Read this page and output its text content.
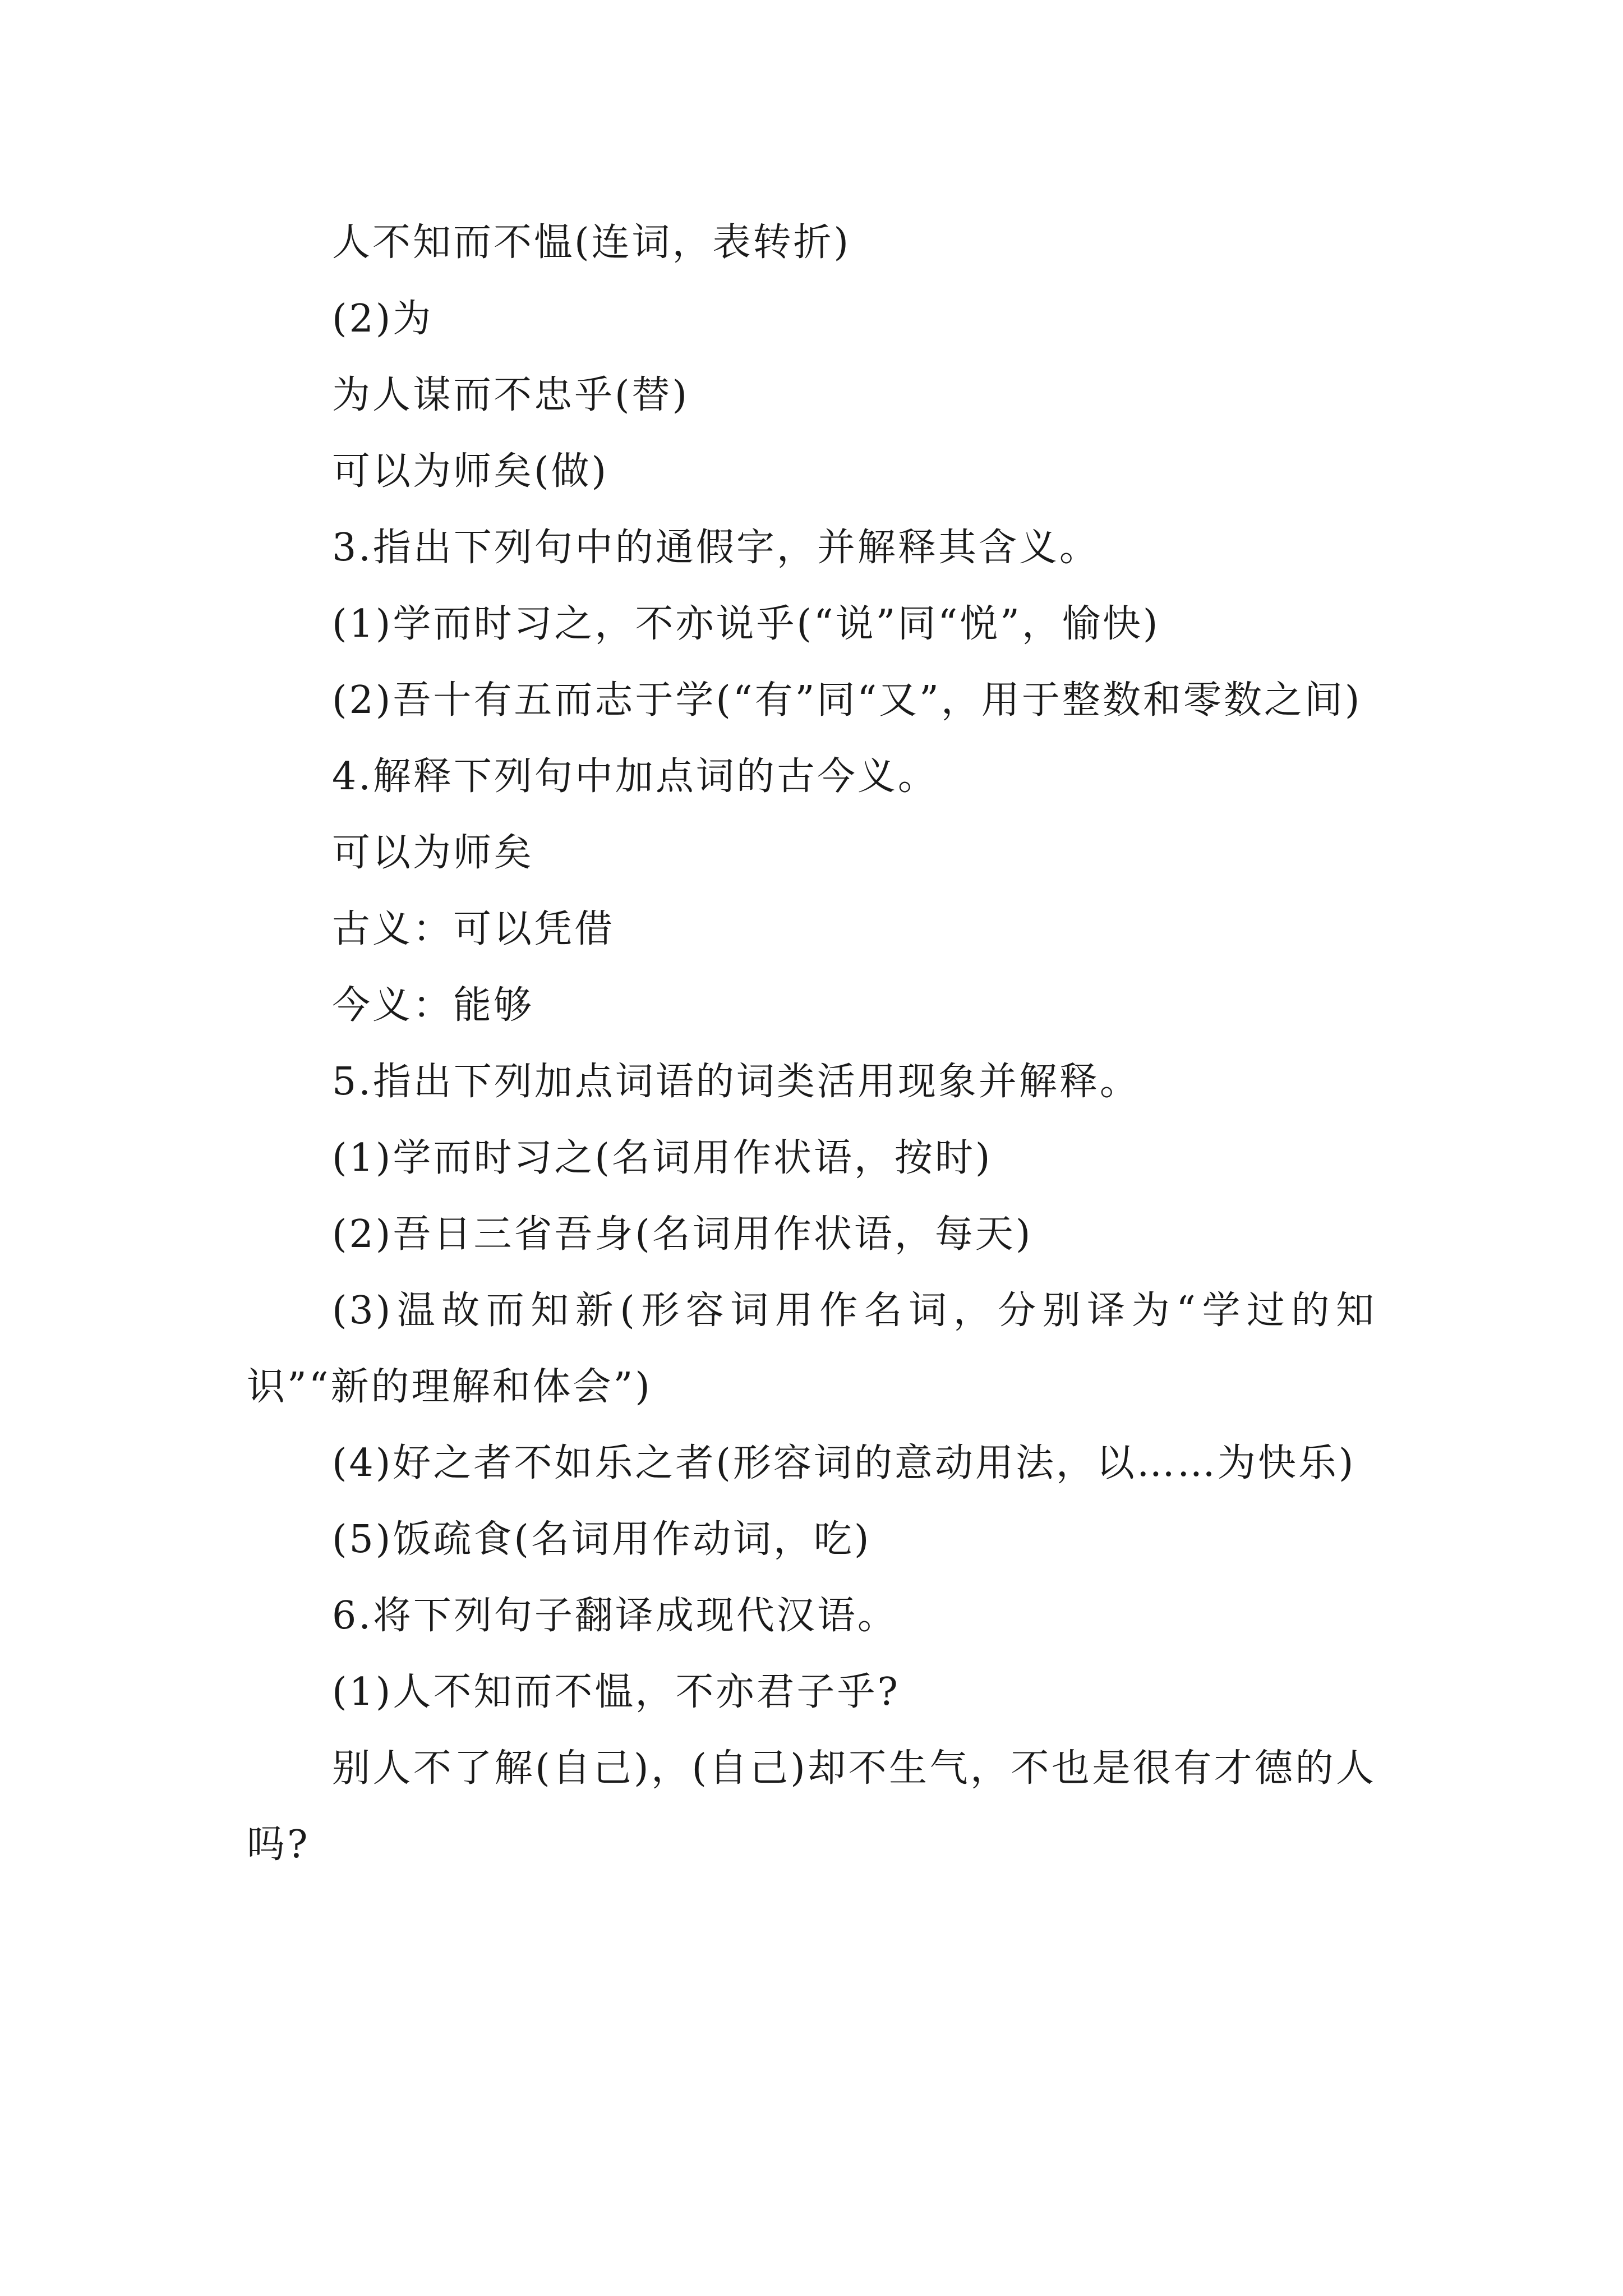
人不知而不愠(连词，表转折)

(2)为

为人谋而不忠乎(替)

可以为师矣(做)

3.指出下列句中的通假字，并解释其含义。

(1)学而时习之，不亦说乎(“说”同“悦”，愉快)

(2)吾十有五而志于学(“有”同“又”，用于整数和零数之间)

4.解释下列句中加点词的古今义。

可以为师矣

古义：可以凭借

今义：能够

5.指出下列加点词语的词类活用现象并解释。

(1)学而时习之(名词用作状语，按时)

(2)吾日三省吾身(名词用作状语，每天)

(3)温故而知新(形容词用作名词，分别译为“学过的知识”“新的理解和体会”)

(4)好之者不如乐之者(形容词的意动用法，以……为快乐)

(5)饭疏食(名词用作动词，吃)

6.将下列句子翻译成现代汉语。

(1)人不知而不愠，不亦君子乎?

别人不了解(自己)，(自己)却不生气，不也是很有才德的人吗?
